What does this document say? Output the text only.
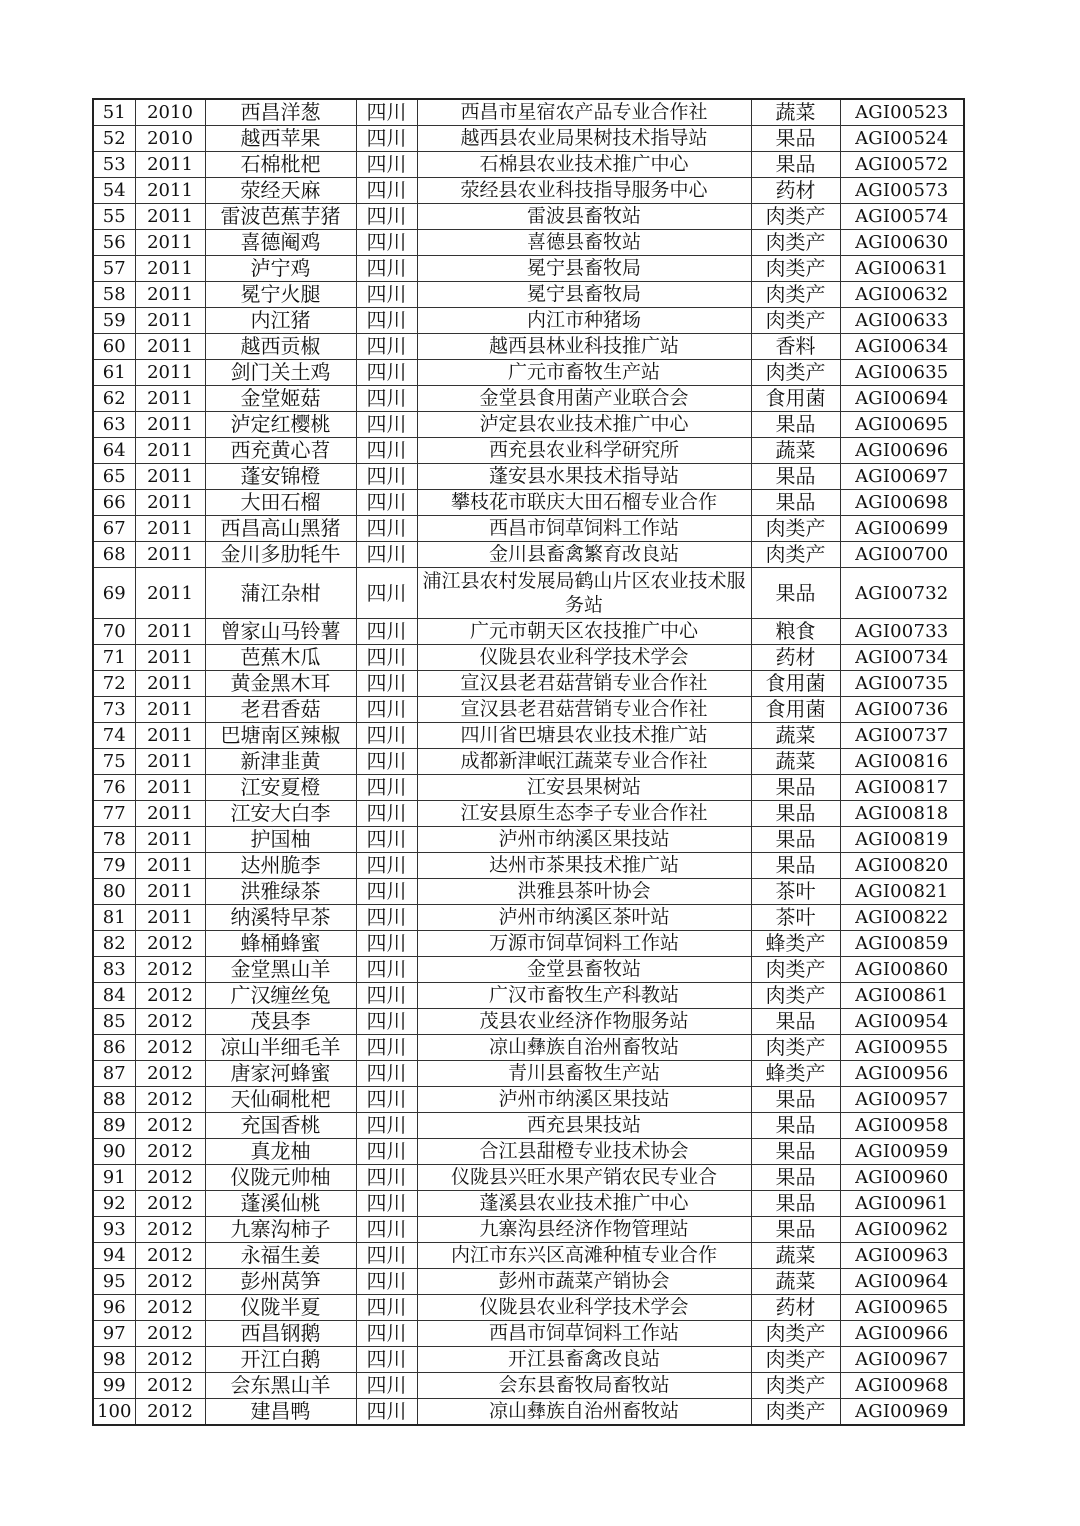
51	2010	西昌洋葱	四川	西昌市星宿农产品专业合作社	蔬菜	AGI00523
52	2010	越西苹果	四川	越西县农业局果树技术指导站	果品	AGI00524
53	2011	石棉枇杷	四川	石棉县农业技术推广中心	果品	AGI00572
54	2011	荥经天麻	四川	荥经县农业科技指导服务中心	药材	AGI00573
55	2011	雷波芭蕉芋猪	四川	雷波县畜牧站	肉类产	AGI00574
56	2011	喜德阉鸡	四川	喜德县畜牧站	肉类产	AGI00630
57	2011	泸宁鸡	四川	冕宁县畜牧局	肉类产	AGI00631
58	2011	冕宁火腿	四川	冕宁县畜牧局	肉类产	AGI00632
59	2011	内江猪	四川	内江市种猪场	肉类产	AGI00633
60	2011	越西贡椒	四川	越西县林业科技推广站	香料	AGI00634
61	2011	剑门关土鸡	四川	广元市畜牧生产站	肉类产	AGI00635
62	2011	金堂姬菇	四川	金堂县食用菌产业联合会	食用菌	AGI00694
63	2011	泸定红樱桃	四川	泸定县农业技术推广中心	果品	AGI00695
64	2011	西充黄心苕	四川	西充县农业科学研究所	蔬菜	AGI00696
65	2011	蓬安锦橙	四川	蓬安县水果技术指导站	果品	AGI00697
66	2011	大田石榴	四川	攀枝花市联庆大田石榴专业合作	果品	AGI00698
67	2011	西昌高山黑猪	四川	西昌市饲草饲料工作站	肉类产	AGI00699
68	2011	金川多肋牦牛	四川	金川县畜禽繁育改良站	肉类产	AGI00700
69	2011	蒲江杂柑	四川	浦江县农村发展局鹤山片区农业技术服务站	果品	AGI00732
70	2011	曾家山马铃薯	四川	广元市朝天区农技推广中心	粮食	AGI00733
71	2011	芭蕉木瓜	四川	仪陇县农业科学技术学会	药材	AGI00734
72	2011	黄金黑木耳	四川	宣汉县老君菇营销专业合作社	食用菌	AGI00735
73	2011	老君香菇	四川	宣汉县老君菇营销专业合作社	食用菌	AGI00736
74	2011	巴塘南区辣椒	四川	四川省巴塘县农业技术推广站	蔬菜	AGI00737
75	2011	新津韭黄	四川	成都新津岷江蔬菜专业合作社	蔬菜	AGI00816
76	2011	江安夏橙	四川	江安县果树站	果品	AGI00817
77	2011	江安大白李	四川	江安县原生态李子专业合作社	果品	AGI00818
78	2011	护国柚	四川	泸州市纳溪区果技站	果品	AGI00819
79	2011	达州脆李	四川	达州市茶果技术推广站	果品	AGI00820
80	2011	洪雅绿茶	四川	洪雅县茶叶协会	茶叶	AGI00821
81	2011	纳溪特早茶	四川	泸州市纳溪区茶叶站	茶叶	AGI00822
82	2012	蜂桶蜂蜜	四川	万源市饲草饲料工作站	蜂类产	AGI00859
83	2012	金堂黑山羊	四川	金堂县畜牧站	肉类产	AGI00860
84	2012	广汉缠丝兔	四川	广汉市畜牧生产科教站	肉类产	AGI00861
85	2012	茂县李	四川	茂县农业经济作物服务站	果品	AGI00954
86	2012	凉山半细毛羊	四川	凉山彝族自治州畜牧站	肉类产	AGI00955
87	2012	唐家河蜂蜜	四川	青川县畜牧生产站	蜂类产	AGI00956
88	2012	天仙硐枇杷	四川	泸州市纳溪区果技站	果品	AGI00957
89	2012	充国香桃	四川	西充县果技站	果品	AGI00958
90	2012	真龙柚	四川	合江县甜橙专业技术协会	果品	AGI00959
91	2012	仪陇元帅柚	四川	仪陇县兴旺水果产销农民专业合	果品	AGI00960
92	2012	蓬溪仙桃	四川	蓬溪县农业技术推广中心	果品	AGI00961
93	2012	九寨沟柿子	四川	九寨沟县经济作物管理站	果品	AGI00962
94	2012	永福生姜	四川	内江市东兴区高滩种植专业合作	蔬菜	AGI00963
95	2012	彭州莴笋	四川	彭州市蔬菜产销协会	蔬菜	AGI00964
96	2012	仪陇半夏	四川	仪陇县农业科学技术学会	药材	AGI00965
97	2012	西昌钢鹅	四川	西昌市饲草饲料工作站	肉类产	AGI00966
98	2012	开江白鹅	四川	开江县畜禽改良站	肉类产	AGI00967
99	2012	会东黑山羊	四川	会东县畜牧局畜牧站	肉类产	AGI00968
100	2012	建昌鸭	四川	凉山彝族自治州畜牧站	肉类产	AGI00969
